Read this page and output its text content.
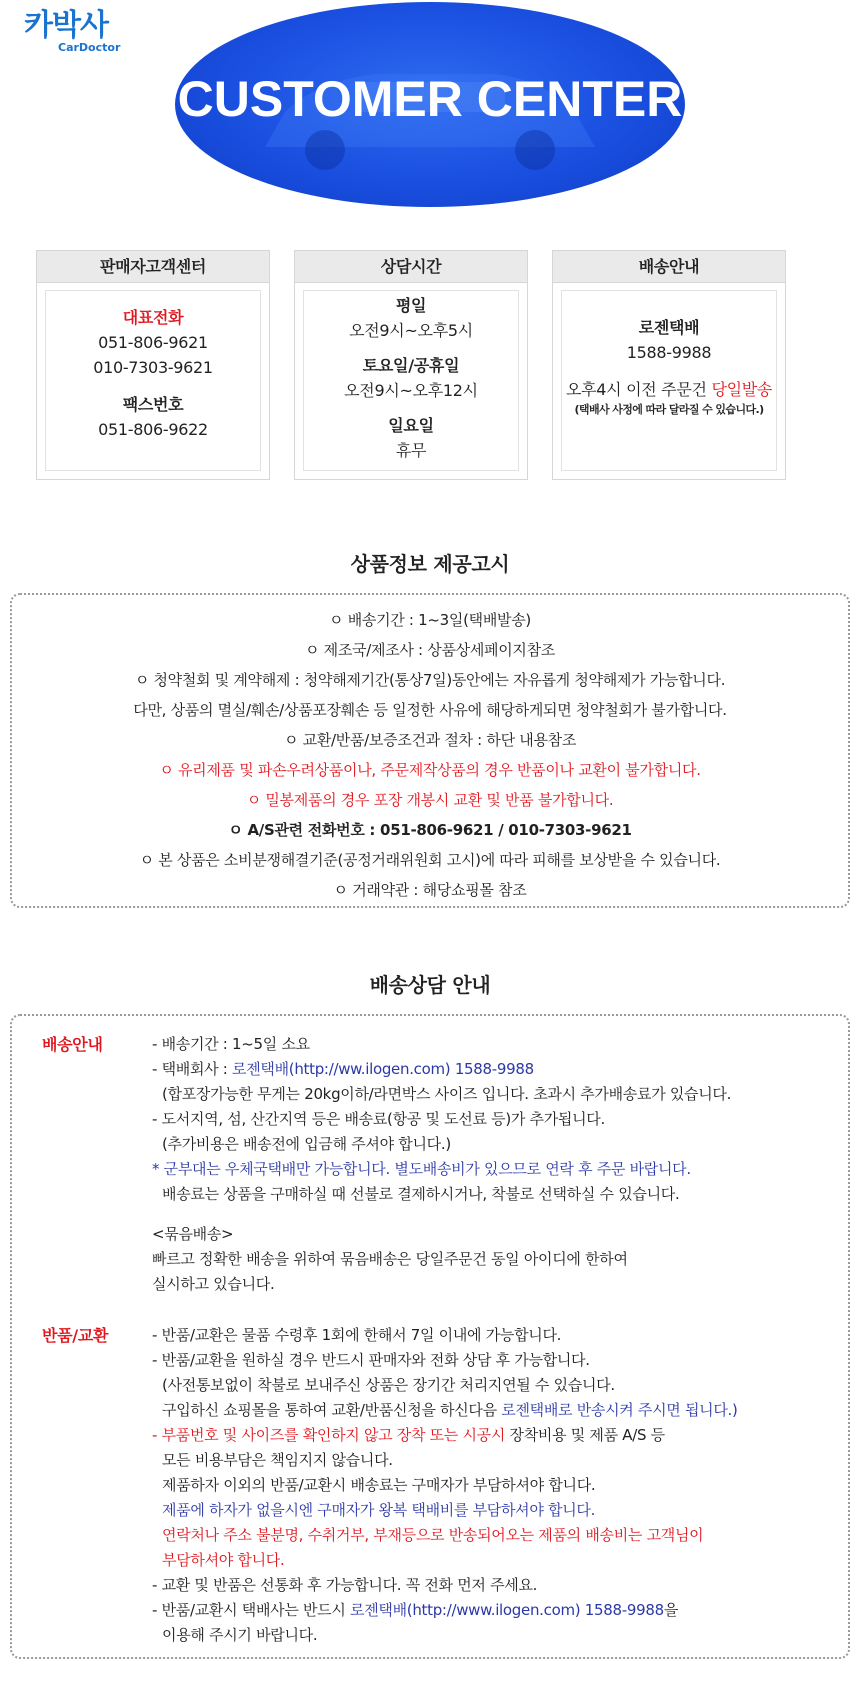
카박사
CarDoctor
CUSTOMER CENTER
판매자고객센터
대표전화
051-806-9621
010-7303-9621
팩스번호
051-806-9622
상담시간
평일
오전9시~오후5시
토요일/공휴일
오전9시~오후12시
일요일
휴무
배송안내
로젠택배
1588-9988
오후4시 이전 주문건 당일발송
(택배사 사정에 따라 달라질 수 있습니다.)
상품정보 제공고시
ㅇ 배송기간 : 1~3일(택배발송)
ㅇ 제조국/제조사 : 상품상세페이지참조
ㅇ 청약철회 및 계약해제 : 청약해제기간(통상7일)동안에는 자유롭게 청약해제가 가능합니다.
다만, 상품의 멸실/훼손/상품포장훼손 등 일정한 사유에 해당하게되면 청약철회가 불가합니다.
ㅇ 교환/반품/보증조건과 절차 : 하단 내용참조
ㅇ 유리제품 및 파손우려상품이나, 주문제작상품의 경우 반품이나 교환이 불가합니다.
ㅇ 밀봉제품의 경우 포장 개봉시 교환 및 반품 불가합니다.
ㅇ A/S관련 전화번호 : 051-806-9621 / 010-7303-9621
ㅇ 본 상품은 소비분쟁해결기준(공정거래위원회 고시)에 따라 피해를 보상받을 수 있습니다.
ㅇ 거래약관 : 해당쇼핑몰 참조
배송상담 안내
배송안내	- 배송기간 : 1~5일 소요
- 택배회사 : 로젠택배(http://ww.ilogen.com) 1588-9988
(합포장가능한 무게는 20kg이하/라면박스 사이즈 입니다. 초과시 추가배송료가 있습니다.
- 도서지역, 섬, 산간지역 등은 배송료(항공 및 도선료 등)가 추가됩니다.
(추가비용은 배송전에 입금해 주셔야 합니다.)
* 군부대는 우체국택배만 가능합니다. 별도배송비가 있으므로 연락 후 주문 바랍니다.
배송료는 상품을 구매하실 때 선불로 결제하시거나, 착불로 선택하실 수 있습니다.
<묶음배송>
빠르고 정확한 배송을 위하여 묶음배송은 당일주문건 동일 아이디에 한하여
실시하고 있습니다.
반품/교환	- 반품/교환은 물품 수령후 1회에 한해서 7일 이내에 가능합니다.
- 반품/교환을 원하실 경우 반드시 판매자와 전화 상담 후 가능합니다.
(사전통보없이 착불로 보내주신 상품은 장기간 처리지연될 수 있습니다.
구입하신 쇼핑몰을 통하여 교환/반품신청을 하신다음 로젠택배로 반송시켜 주시면 됩니다.)
- 부품번호 및 사이즈를 확인하지 않고 장착 또는 시공시 장착비용 및 제품 A/S 등
모든 비용부담은 책임지지 않습니다.
제품하자 이외의 반품/교환시 배송료는 구매자가 부담하셔야 합니다.
제품에 하자가 없을시엔 구매자가 왕복 택배비를 부담하셔야 합니다.
연락처나 주소 불분명, 수취거부, 부재등으로 반송되어오는 제품의 배송비는 고객님이
부담하셔야 합니다.
- 교환 및 반품은 선통화 후 가능합니다. 꼭 전화 먼저 주세요.
- 반품/교환시 택배사는 반드시 로젠택배(http://www.ilogen.com) 1588-9988을
이용해 주시기 바랍니다.
